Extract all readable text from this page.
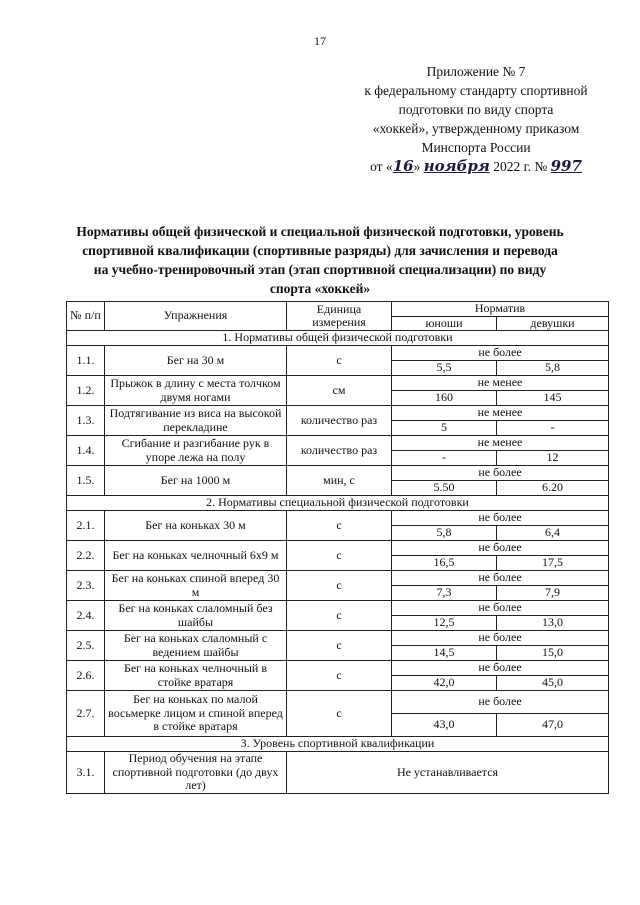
17
Приложение № 7
к федеральному стандарту спортивной
подготовки по виду спорта
«хоккей», утвержденному приказом
Минспорта России
от «16» ноября 2022 г. № 997
Нормативы общей физической и специальной физической подготовки, уровень
спортивной квалификации (спортивные разряды) для зачисления и перевода
на учебно-тренировочный этап (этап спортивной специализации) по виду
спорта «хоккей»
№ п/п	Упражнения	Единица измерения	Норматив	
			юноши	девушки
1. Нормативы общей физической подготовки				
1.1.	Бег на 30 м	с	не более	
			5,5	5,8
1.2.	Прыжок в длину с места толчком двумя ногами	см	не менее	
			160	145
1.3.	Подтягивание из виса на высокой перекладине	количество раз	не менее	
			5	-
1.4.	Сгибание и разгибание рук в упоре лежа на полу	количество раз	не менее	
			-	12
1.5.	Бег на 1000 м	мин, с	не более	
			5.50	6.20
2. Нормативы специальной физической подготовки				
2.1.	Бег на коньках 30 м	с	не более	
			5,8	6,4
2.2.	Бег на коньках челночный 6х9 м	с	не более	
			16,5	17,5
2.3.	Бег на коньках спиной вперед 30 м	с	не более	
			7,3	7,9
2.4.	Бег на коньках слаломный без шайбы	с	не более	
			12,5	13,0
2.5.	Бег на коньках слаломный с ведением шайбы	с	не более	
			14,5	15,0
2.6.	Бег на коньках челночный в стойке вратаря	с	не более	
			42,0	45,0
2.7.	Бег на коньках по малой восьмерке лицом и спиной вперед в стойке вратаря	с	не более	
			43,0	47,0
3. Уровень спортивной квалификации				
3.1.	Период обучения на этапе спортивной подготовки (до двух лет)	Не устанавливается		
